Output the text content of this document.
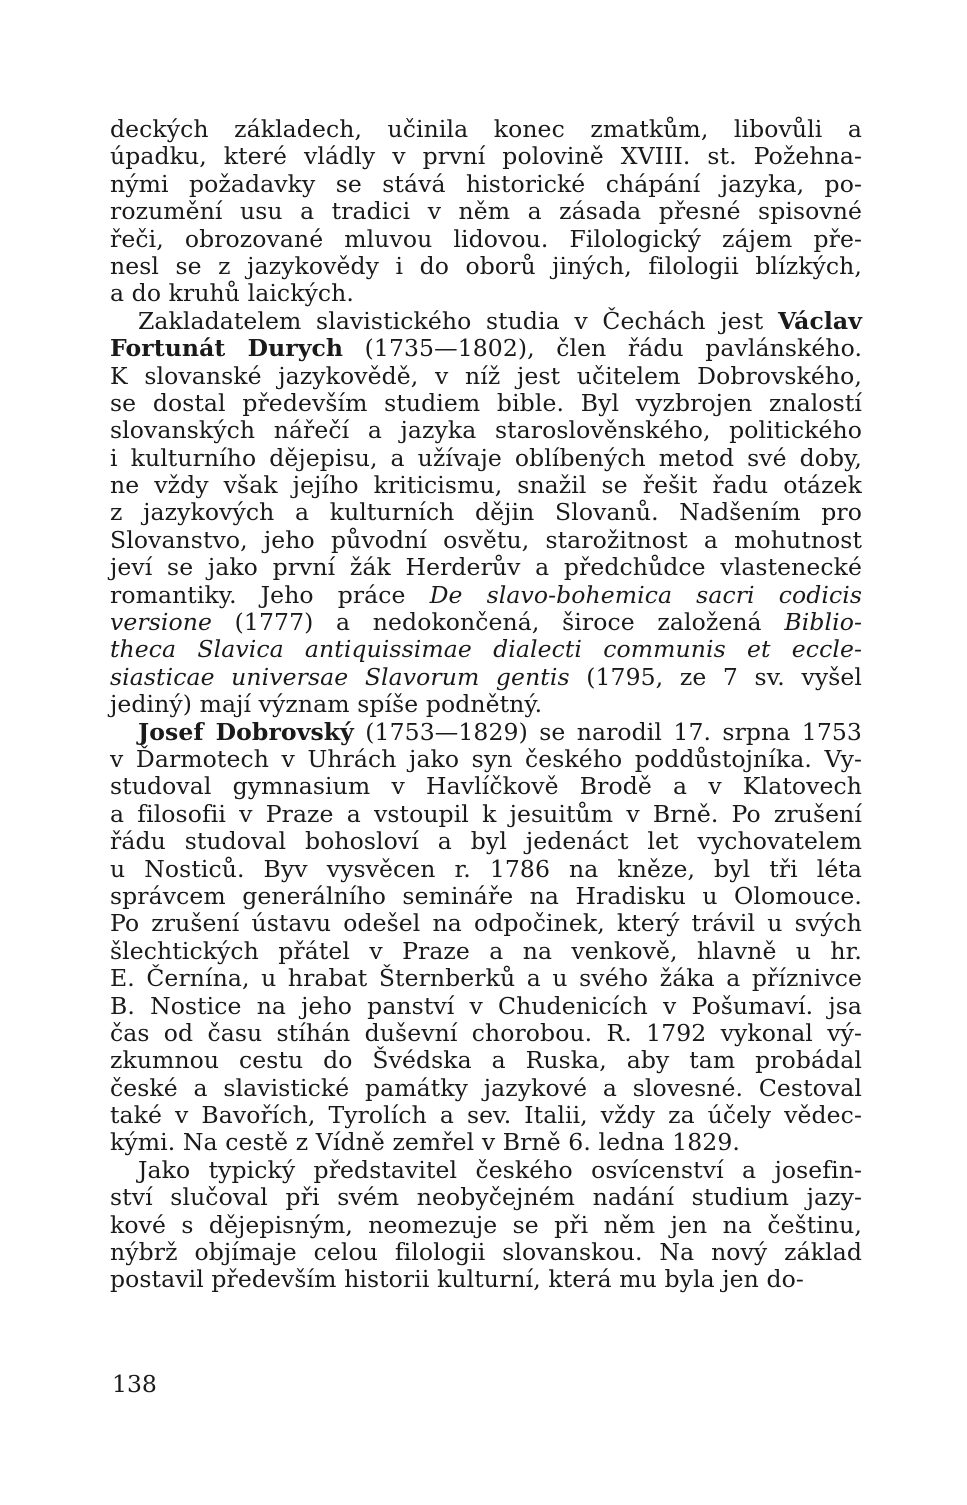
deckých základech, učinila konec zmatkům, libovůli a
úpadku, které vládly v první polovině XVIII. st. Požehna-
nými požadavky se stává historické chápání jazyka, po-
rozumění usu a tradici v něm a zásada přesné spisovné
řeči, obrozované mluvou lidovou. Filologický zájem pře-
nesl se z jazykovědy i do oborů jiných, filologii blízkých,
a do kruhů laických.
Zakladatelem slavistického studia v Čechách jest Václav
Fortunát Durych (1735—1802), člen řádu pavlánského.
K slovanské jazykovědě, v níž jest učitelem Dobrovského,
se dostal především studiem bible. Byl vyzbrojen znalostí
slovanských nářečí a jazyka staroslověnského, politického
i kulturního dějepisu, a užívaje oblíbených metod své doby,
ne vždy však jejího kriticismu, snažil se řešit řadu otázek
z jazykových a kulturních dějin Slovanů. Nadšením pro
Slovanstvo, jeho původní osvětu, starožitnost a mohutnost
jeví se jako první žák Herderův a předchůdce vlastenecké
romantiky. Jeho práce De slavo-bohemica sacri codicis
versione (1777) a nedokončená, široce založená Biblio-
theca Slavica antiquissimae dialecti communis et eccle-
siasticae universae Slavorum gentis (1795, ze 7 sv. vyšel
jediný) mají význam spíše podnětný.
Josef Dobrovský (1753—1829) se narodil 17. srpna 1753
v Ďarmotech v Uhrách jako syn českého poddůstojníka. Vy-
studoval gymnasium v Havlíčkově Brodě a v Klatovech
a filosofii v Praze a vstoupil k jesuitům v Brně. Po zrušení
řádu studoval bohosloví a byl jedenáct let vychovatelem
u Nosticů. Byv vysvěcen r. 1786 na kněze, byl tři léta
správcem generálního semináře na Hradisku u Olomouce.
Po zrušení ústavu odešel na odpočinek, který trávil u svých
šlechtických přátel v Praze a na venkově, hlavně u hr.
E. Černína, u hrabat Šternberků a u svého žáka a příznivce
B. Nostice na jeho panství v Chudenicích v Pošumaví. jsa
čas od času stíhán duševní chorobou. R. 1792 vykonal vý-
zkumnou cestu do Švédska a Ruska, aby tam probádal
české a slavistické památky jazykové a slovesné. Cestoval
také v Bavořích, Tyrolích a sev. Italii, vždy za účely vědec-
kými. Na cestě z Vídně zemřel v Brně 6. ledna 1829.
Jako typický představitel českého osvícenství a josefin-
ství slučoval při svém neobyčejném nadání studium jazy-
kové s dějepisným, neomezuje se při něm jen na češtinu,
nýbrž objímaje celou filologii slovanskou. Na nový základ
postavil především historii kulturní, která mu byla jen do-
138
